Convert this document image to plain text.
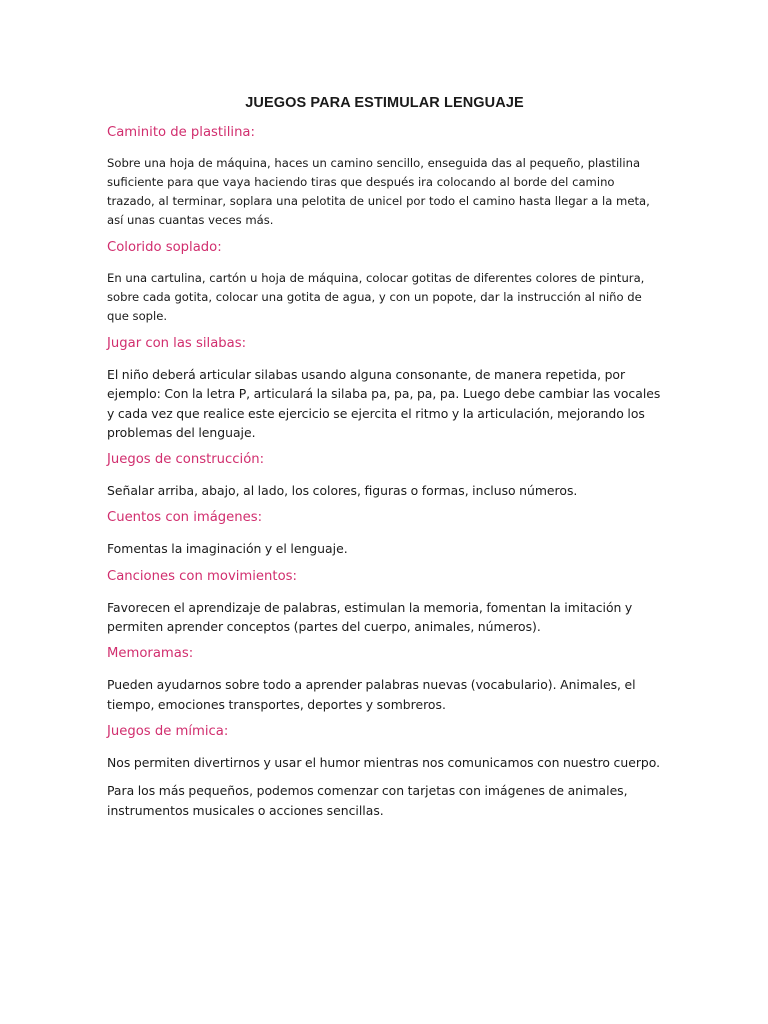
JUEGOS PARA ESTIMULAR LENGUAJE
Caminito de plastilina:

Sobre una hoja de máquina, haces un camino sencillo, enseguida das al pequeño, plastilina suficiente para que vaya haciendo tiras que después ira colocando al borde del camino trazado, al terminar, soplara una pelotita de unicel por todo el camino hasta llegar a la meta, así unas cuantas veces más.

Colorido soplado:

En una cartulina, cartón u hoja de máquina, colocar gotitas de diferentes colores de pintura, sobre cada gotita, colocar una gotita de agua, y con un popote, dar la instrucción al niño de que sople.

Jugar con las silabas:

El niño deberá articular silabas usando alguna consonante, de manera repetida, por ejemplo: Con la letra P, articulará la silaba pa, pa, pa, pa. Luego debe cambiar las vocales y cada vez que realice este ejercicio se ejercita el ritmo y la articulación, mejorando los problemas del lenguaje.

Juegos de construcción:

Señalar arriba, abajo, al lado, los colores, figuras o formas, incluso números.

Cuentos con imágenes:

Fomentas la imaginación y el lenguaje.

Canciones con movimientos:

Favorecen el aprendizaje de palabras, estimulan la memoria, fomentan la imitación y permiten aprender conceptos (partes del cuerpo, animales, números).

Memoramas:

Pueden ayudarnos sobre todo a aprender palabras nuevas (vocabulario). Animales, el tiempo, emociones transportes, deportes y sombreros.

Juegos de mímica:

Nos permiten divertirnos y usar el humor mientras nos comunicamos con nuestro cuerpo.

Para los más pequeños, podemos comenzar con tarjetas con imágenes de animales, instrumentos musicales o acciones sencillas.
